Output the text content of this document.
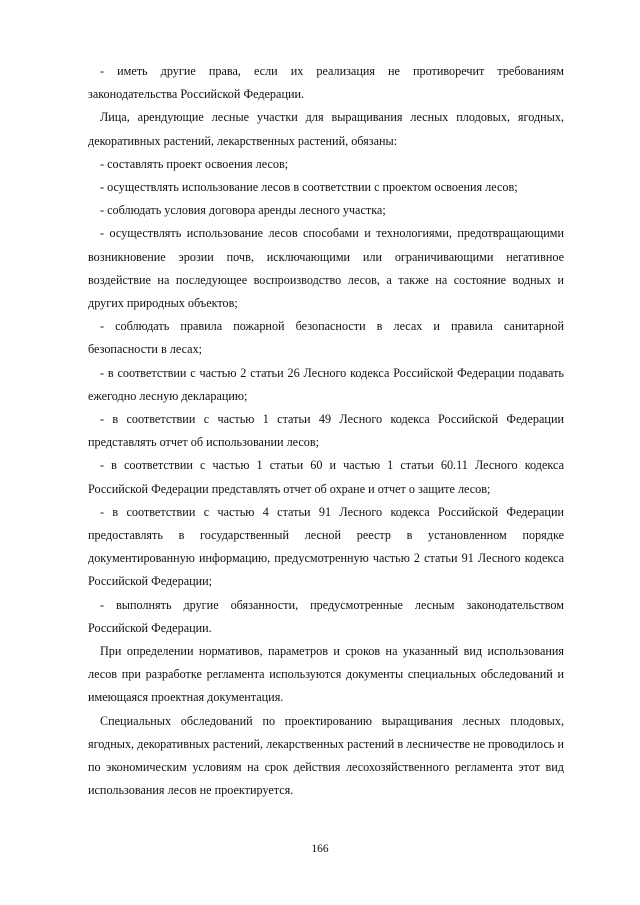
- иметь другие права, если их реализация не противоречит требованиям законодательства Российской Федерации.

Лица, арендующие лесные участки для выращивания лесных плодовых, ягодных, декоративных растений, лекарственных растений, обязаны:

- составлять проект освоения лесов;

- осуществлять использование лесов в соответствии с проектом освоения лесов;

- соблюдать условия договора аренды лесного участка;

- осуществлять использование лесов способами и технологиями, предотвращающими возникновение эрозии почв, исключающими или ограничивающими негативное воздействие на последующее воспроизводство лесов, а также на состояние водных и других природных объектов;

- соблюдать правила пожарной безопасности в лесах и правила санитарной безопасности в лесах;

- в соответствии с частью 2 статьи 26 Лесного кодекса Российской Федерации подавать ежегодно лесную декларацию;

- в соответствии с частью 1 статьи 49 Лесного кодекса Российской Федерации представлять отчет об использовании лесов;

- в соответствии с частью 1 статьи 60 и частью 1 статьи 60.11 Лесного кодекса Российской Федерации представлять отчет об охране и отчет о защите лесов;

- в соответствии с частью 4 статьи 91 Лесного кодекса Российской Федерации предоставлять в государственный лесной реестр в установленном порядке документированную информацию, предусмотренную частью 2 статьи 91 Лесного кодекса Российской Федерации;

- выполнять другие обязанности, предусмотренные лесным законодательством Российской Федерации.

При определении нормативов, параметров и сроков на указанный вид использования лесов при разработке регламента используются документы специальных обследований и имеющаяся проектная документация.

Специальных обследований по проектированию выращивания лесных плодовых, ягодных, декоративных растений, лекарственных растений в лесничестве не проводилось и по экономическим условиям на срок действия лесохозяйственного регламента этот вид использования лесов не проектируется.

166
